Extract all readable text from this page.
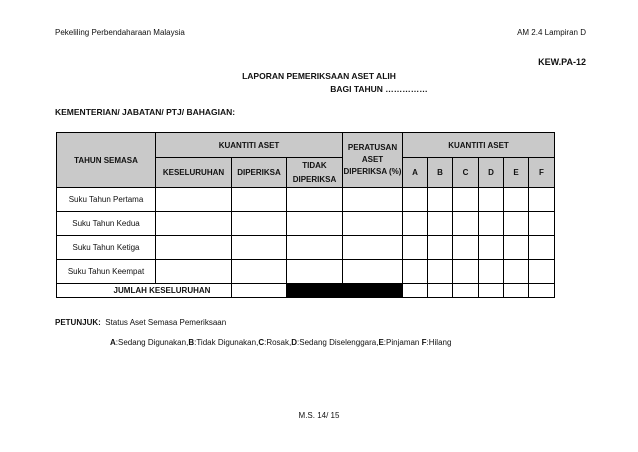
Pekeliling Perbendaharaan Malaysia	AM 2.4 Lampiran D
KEW.PA-12
LAPORAN PEMERIKSAAN ASET ALIH
BAGI TAHUN ……………
KEMENTERIAN/ JABATAN/ PTJ/ BAHAGIAN:
TAHUN SEMASA	KUANTITI ASET			PERATUSAN ASET DIPERIKSA (%)	KUANTITI ASET					
	KESELURUHAN	DIPERIKSA	TIDAK DIPERIKSA		A	B	C	D	E	F
Suku Tahun Pertama										
Suku Tahun Kedua										
Suku Tahun Ketiga										
Suku Tahun Keempat										
JUMLAH KESELURUHAN										
PETUNJUK: Status Aset Semasa Pemeriksaan
A:Sedang Digunakan,B:Tidak Digunakan,C:Rosak,D:Sedang Diselenggara,E:Pinjaman F:Hilang
M.S. 14/ 15
